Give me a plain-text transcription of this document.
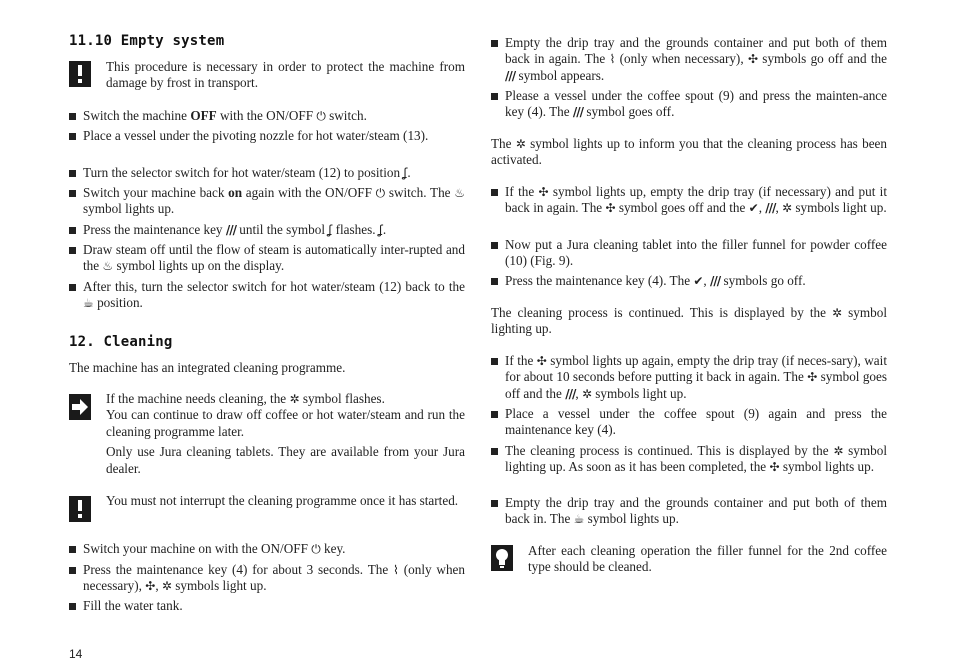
11.10 Empty system
This procedure is necessary in order to protect the machine from damage by frost in transport.
Switch the machine OFF with the ON/OFF ⏻ switch.
Place a vessel under the pivoting nozzle for hot water/steam (13).
Turn the selector switch for hot water/steam (12) to position ʆ.
Switch your machine back on again with the ON/OFF ⏻ switch. The ♨ symbol lights up.
Press the maintenance key /// until the symbol ʆ flashes. ʆ.
Draw steam off until the flow of steam is automatically inter-rupted and the ♨ symbol lights up on the display.
After this, turn the selector switch for hot water/steam (12) back to the ☕ position.
12. Cleaning
The machine has an integrated cleaning programme.
If the machine needs cleaning, the ✲ symbol flashes.
You can continue to draw off coffee or hot water/steam and run the cleaning programme later.
Only use Jura cleaning tablets. They are available from your Jura dealer.
You must not interrupt the cleaning programme once it has started.
Switch your machine on with the ON/OFF ⏻ key.
Press the maintenance key (4) for about 3 seconds. The ⌇ (only when necessary), ✣, ✲ symbols light up.
Fill the water tank.
Empty the drip tray and the grounds container and put both of them back in again. The ⌇ (only when necessary), ✣ symbols go off and the /// symbol appears.
Please a vessel under the coffee spout (9) and press the mainten-ance key (4). The /// symbol goes off.
The ✲ symbol lights up to inform you that the cleaning process has been activated.
If the ✣ symbol lights up, empty the drip tray (if necessary) and put it back in again. The ✣ symbol goes off and the ✔, ///, ✲ symbols light up.
Now put a Jura cleaning tablet into the filler funnel for powder coffee (10) (Fig. 9).
Press the maintenance key (4). The ✔, /// symbols go off.
The cleaning process is continued. This is displayed by the ✲ symbol lighting up.
If the ✣ symbol lights up again, empty the drip tray (if neces-sary), wait for about 10 seconds before putting it back in again. The ✣ symbol goes off and the ///, ✲ symbols light up.
Place a vessel under the coffee spout (9) again and press the maintenance key (4).
The cleaning process is continued. This is displayed by the ✲ symbol lighting up. As soon as it has been completed, the ✣ symbol lights up.
Empty the drip tray and the grounds container and put both of them back in. The ☕ symbol lights up.
After each cleaning operation the filler funnel for the 2nd coffee type should be cleaned.
14
